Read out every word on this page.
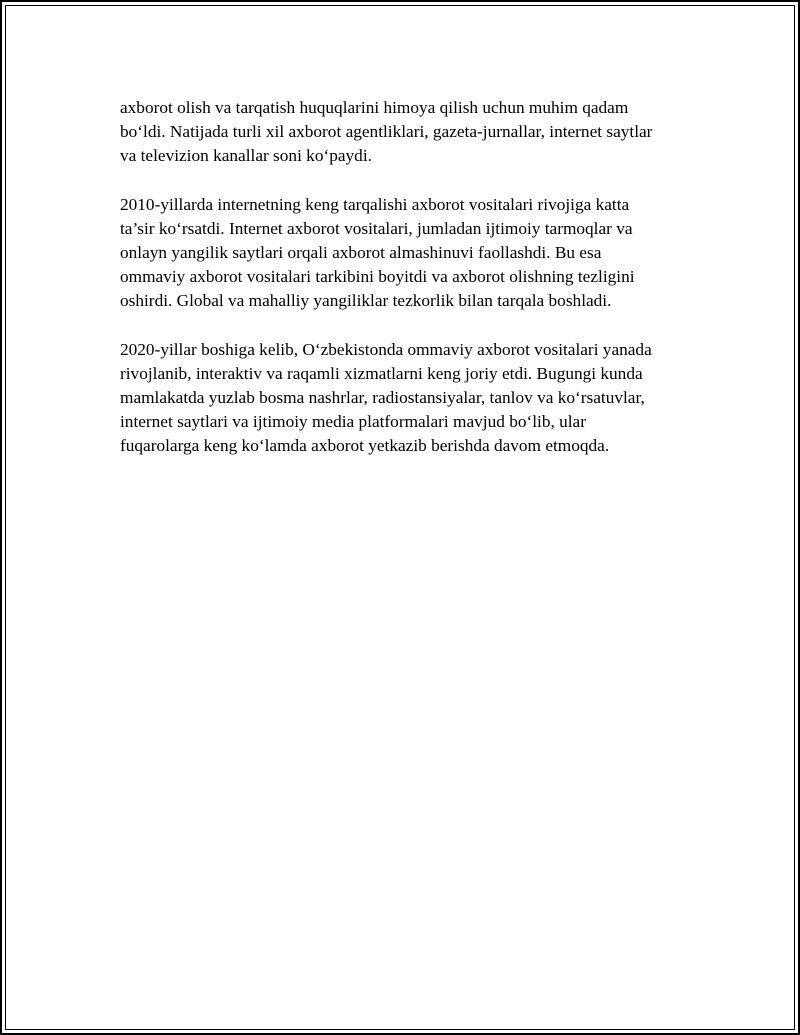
axborot olish va tarqatish huquqlarini himoya qilish uchun muhim qadam
bo‘ldi. Natijada turli xil axborot agentliklari, gazeta-jurnallar, internet saytlar
va televizion kanallar soni ko‘paydi.

2010-yillarda internetning keng tarqalishi axborot vositalari rivojiga katta
ta’sir ko‘rsatdi. Internet axborot vositalari, jumladan ijtimoiy tarmoqlar va
onlayn yangilik saytlari orqali axborot almashinuvi faollashdi. Bu esa
ommaviy axborot vositalari tarkibini boyitdi va axborot olishning tezligini
oshirdi. Global va mahalliy yangiliklar tezkorlik bilan tarqala boshladi.

2020-yillar boshiga kelib, O‘zbekistonda ommaviy axborot vositalari yanada
rivojlanib, interaktiv va raqamli xizmatlarni keng joriy etdi. Bugungi kunda
mamlakatda yuzlab bosma nashrlar, radiostansiyalar, tanlov va ko‘rsatuvlar,
internet saytlari va ijtimoiy media platformalari mavjud bo‘lib, ular
fuqarolarga keng ko‘lamda axborot yetkazib berishda davom etmoqda.
